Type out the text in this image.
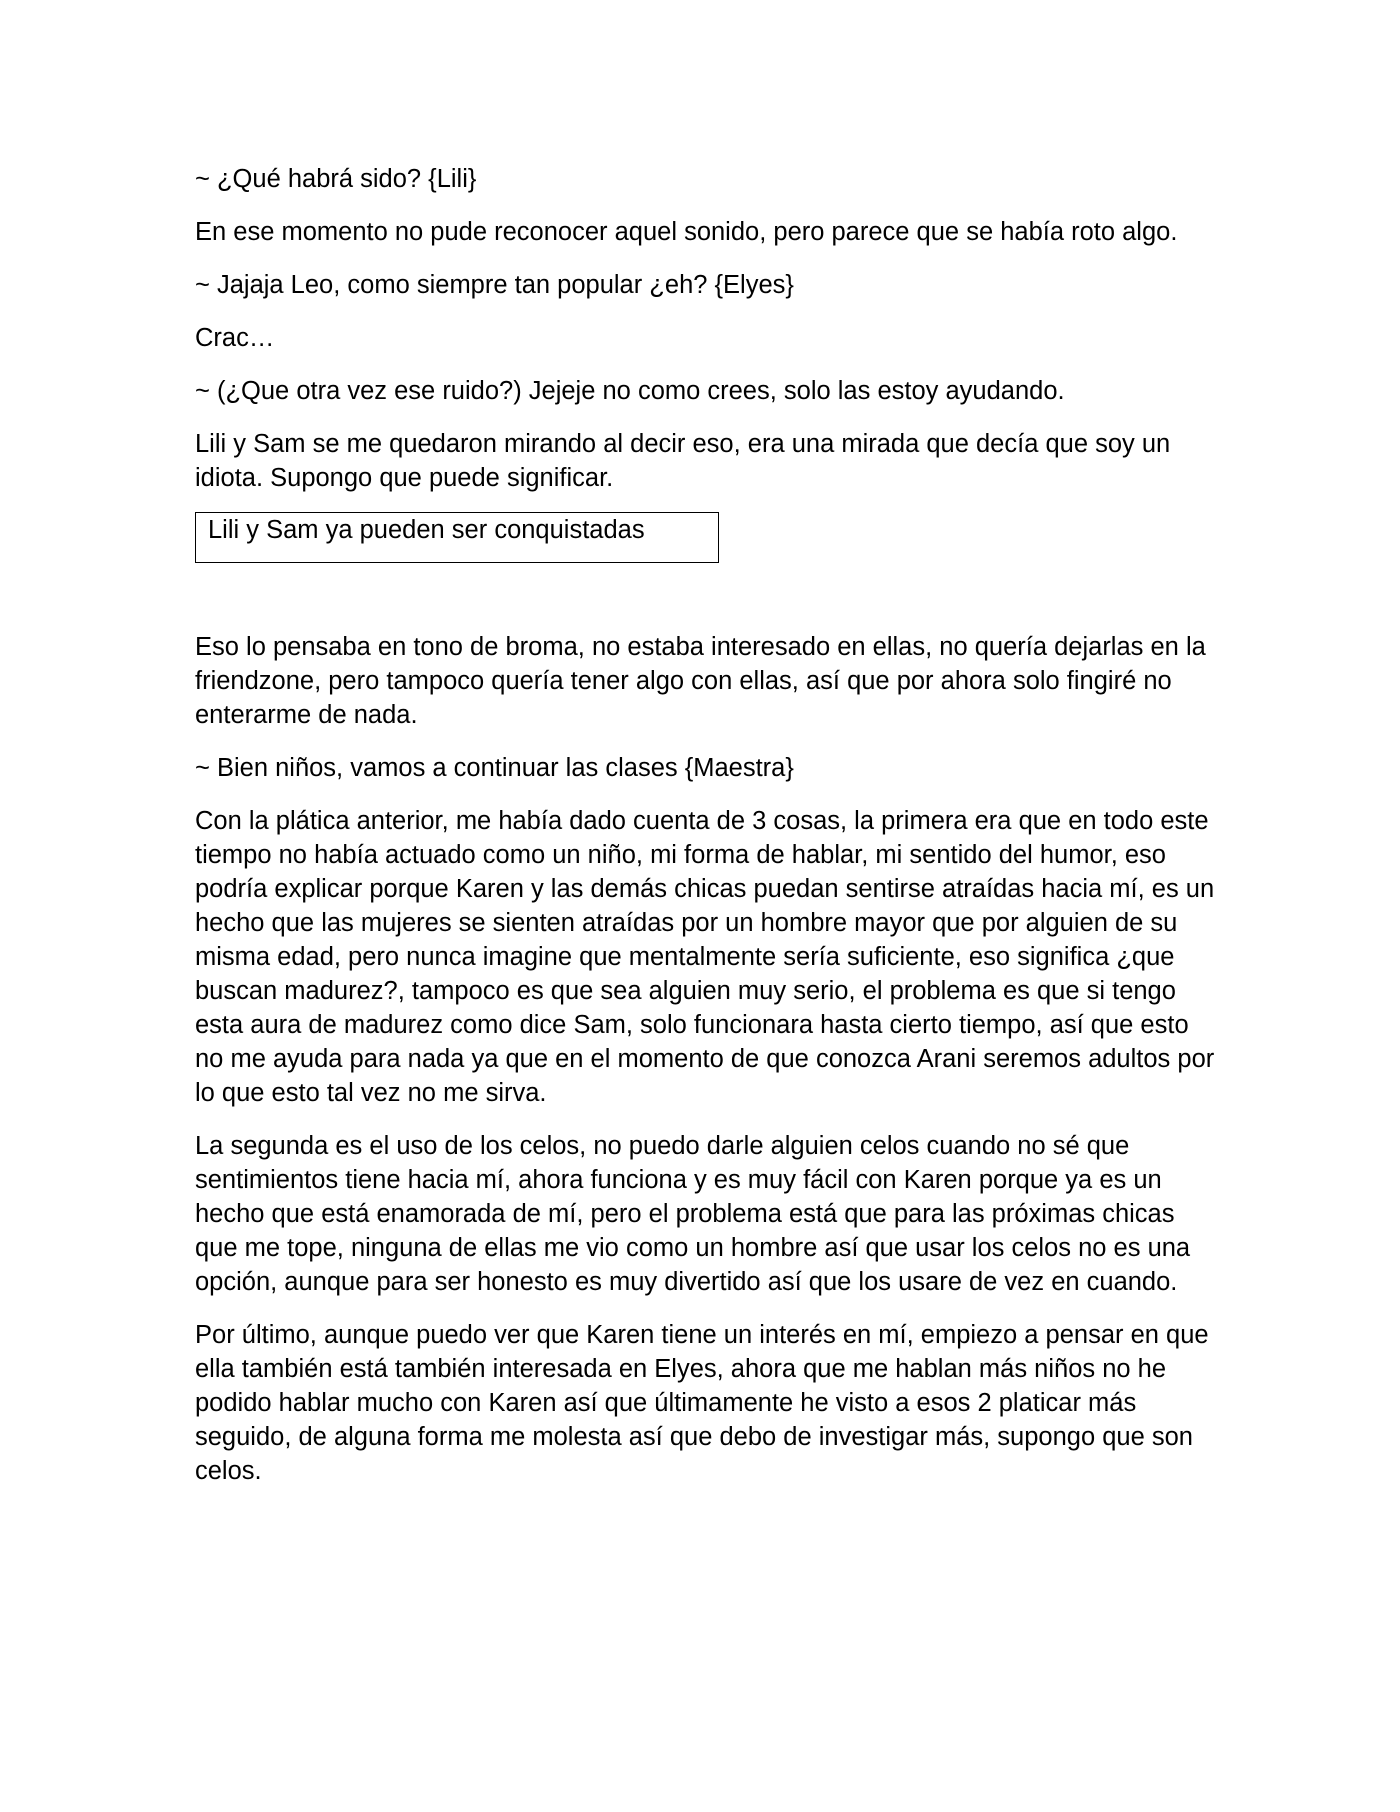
~ ¿Qué habrá sido? {Lili}

En ese momento no pude reconocer aquel sonido, pero parece que se había roto algo.

~ Jajaja Leo, como siempre tan popular ¿eh? {Elyes}

Crac…

~ (¿Que otra vez ese ruido?) Jejeje no como crees, solo las estoy ayudando.

Lili y Sam se me quedaron mirando al decir eso, era una mirada que decía que soy un idiota. Supongo que puede significar.

Lili y Sam ya pueden ser conquistadas

Eso lo pensaba en tono de broma, no estaba interesado en ellas, no quería dejarlas en la friendzone, pero tampoco quería tener algo con ellas, así que por ahora solo fingiré no enterarme de nada.

~ Bien niños, vamos a continuar las clases {Maestra}

Con la plática anterior, me había dado cuenta de 3 cosas, la primera era que en todo este tiempo no había actuado como un niño, mi forma de hablar, mi sentido del humor, eso podría explicar porque Karen y las demás chicas puedan sentirse atraídas hacia mí, es un hecho que las mujeres se sienten atraídas por un hombre mayor que por alguien de su misma edad, pero nunca imagine que mentalmente sería suficiente, eso significa ¿que buscan madurez?, tampoco es que sea alguien muy serio, el problema es que si tengo esta aura de madurez como dice Sam, solo funcionara hasta cierto tiempo, así que esto no me ayuda para nada ya que en el momento de que conozca Arani seremos adultos por lo que esto tal vez no me sirva.

La segunda es el uso de los celos, no puedo darle alguien celos cuando no sé que sentimientos tiene hacia mí, ahora funciona y es muy fácil con Karen porque ya es un hecho que está enamorada de mí, pero el problema está que para las próximas chicas que me tope, ninguna de ellas me vio como un hombre así que usar los celos no es una opción, aunque para ser honesto es muy divertido así que los usare de vez en cuando.

Por último, aunque puedo ver que Karen tiene un interés en mí, empiezo a pensar en que ella también está también interesada en Elyes, ahora que me hablan más niños no he podido hablar mucho con Karen así que últimamente he visto a esos 2 platicar más seguido, de alguna forma me molesta así que debo de investigar más, supongo que son celos.
